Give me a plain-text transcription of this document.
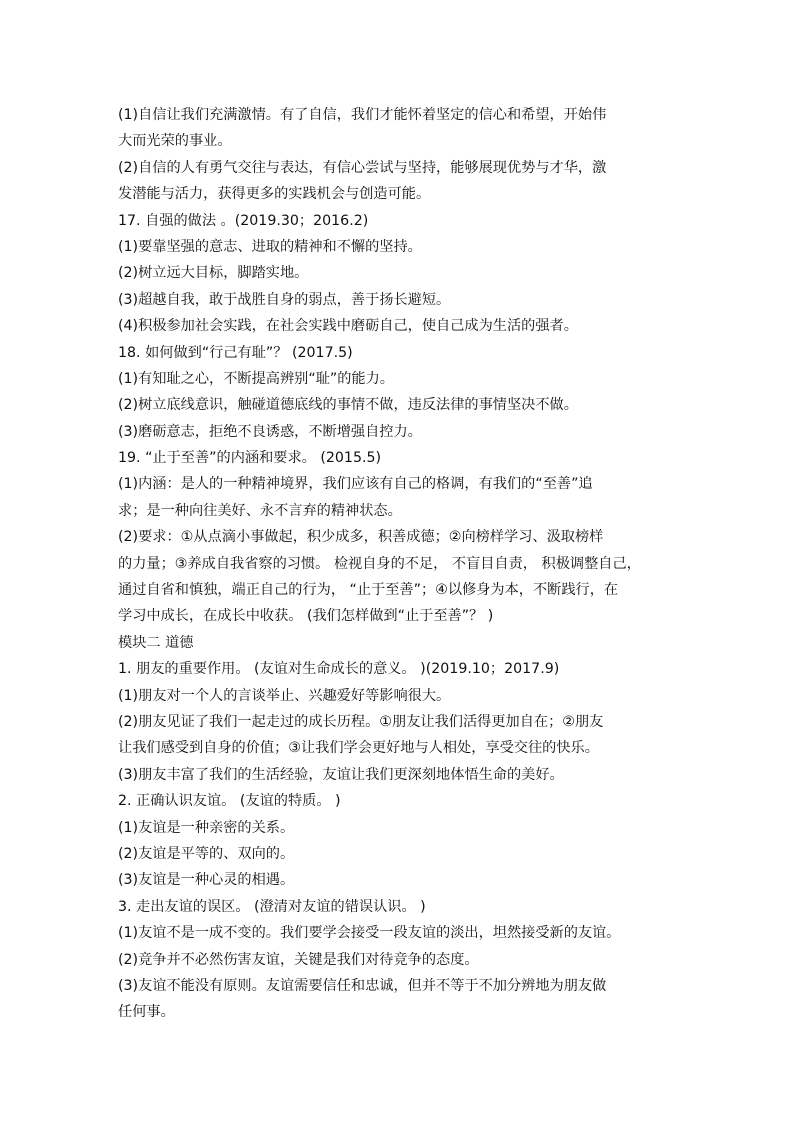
(1)自信让我们充满激情。有了自信，我们才能怀着坚定的信心和希望，开始伟
大而光荣的事业。
(2)自信的人有勇气交往与表达，有信心尝试与坚持，能够展现优势与才华，激
发潜能与活力，获得更多的实践机会与创造可能。
17. 自强的做法 。(2019.30；2016.2)
(1)要靠坚强的意志、进取的精神和不懈的坚持。
(2)树立远大目标，脚踏实地。
(3)超越自我，敢于战胜自身的弱点，善于扬长避短。
(4)积极参加社会实践，在社会实践中磨砺自己，使自己成为生活的强者。
18. 如何做到“行己有耻”？ (2017.5)
(1)有知耻之心，不断提高辨别“耻”的能力。
(2)树立底线意识，触碰道德底线的事情不做，违反法律的事情坚决不做。
(3)磨砺意志，拒绝不良诱惑，不断增强自控力。
19. “止于至善”的内涵和要求。 (2015.5)
(1)内涵：是人的一种精神境界，我们应该有自己的格调，有我们的“至善”追
求；是一种向往美好、永不言弃的精神状态。
(2)要求：①从点滴小事做起，积少成多，积善成德；②向榜样学习、汲取榜样
的力量；③养成自我省察的习惯。 检视自身的不足， 不盲目自责， 积极调整自己，
通过自省和慎独，端正自己的行为， “止于至善”；④以修身为本，不断践行，在
学习中成长，在成长中收获。 (我们怎样做到“止于至善”？ )
模块二 道德
1. 朋友的重要作用。 (友谊对生命成长的意义。 )(2019.10；2017.9)
(1)朋友对一个人的言谈举止、兴趣爱好等影响很大。
(2)朋友见证了我们一起走过的成长历程。①朋友让我们活得更加自在；②朋友
让我们感受到自身的价值；③让我们学会更好地与人相处，享受交往的快乐。
(3)朋友丰富了我们的生活经验，友谊让我们更深刻地体悟生命的美好。
2. 正确认识友谊。 (友谊的特质。 )
(1)友谊是一种亲密的关系。
(2)友谊是平等的、双向的。
(3)友谊是一种心灵的相遇。
3. 走出友谊的误区。 (澄清对友谊的错误认识。 )
(1)友谊不是一成不变的。我们要学会接受一段友谊的淡出，坦然接受新的友谊。
(2)竞争并不必然伤害友谊，关键是我们对待竞争的态度。
(3)友谊不能没有原则。友谊需要信任和忠诚，但并不等于不加分辨地为朋友做
任何事。
